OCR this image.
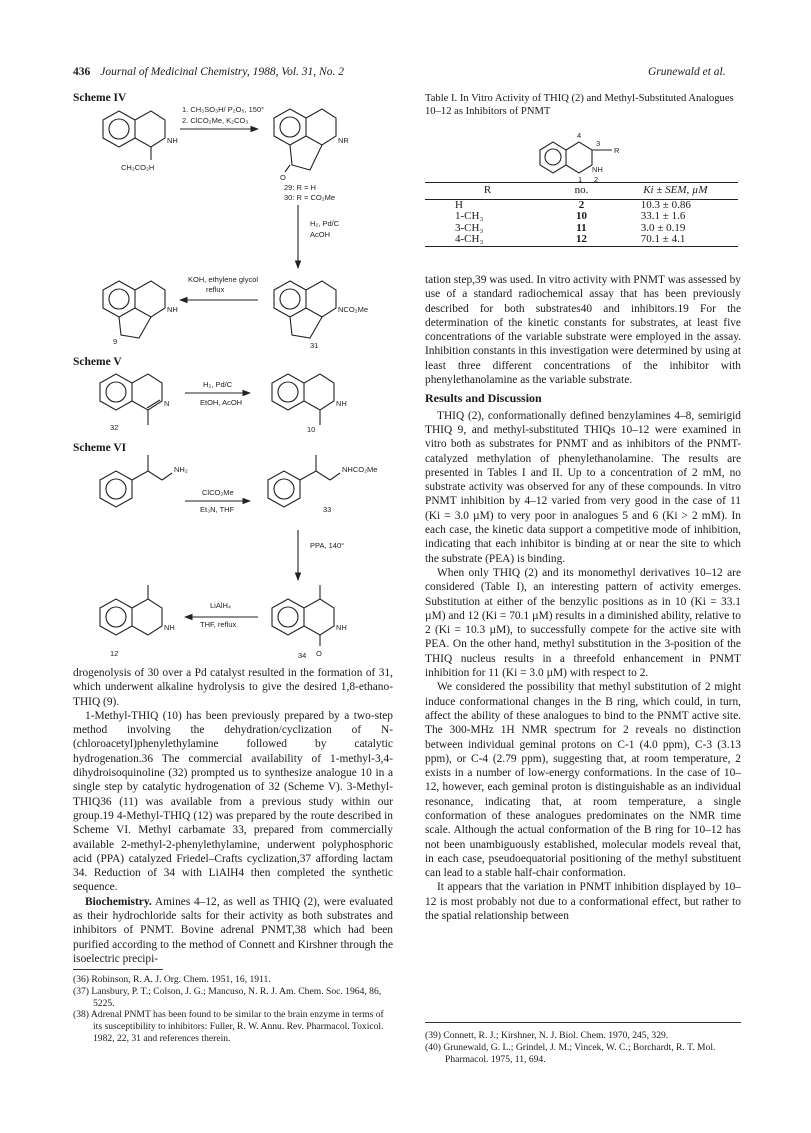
436 Journal of Medicinal Chemistry, 1988, Vol. 31, No. 2	Grunewald et al.
Scheme IV
Scheme V
Scheme VI
1. CH₃SO₃H/ P₂O₅, 150°
2. ClCO₂Me, K₂CO₃
NH
CH₂CO₂H
NR
O
29: R = H
30: R = CO₂Me
H₂, Pd/C
AcOH
KOH, ethylene glycol
reflux
NCO₂Me
NH
9	31
H₂, Pd/C
EtOH, AcOH
N	NH
32	10
NH₂
ClCO₂Me
Et₃N, THF
NHCO₂Me
33
PPA, 140°
LiAlH₄
THF, reflux
NH	NH
12	34 O
4
3
R
NH
1 2
Table I. In Vitro Activity of THIQ (2) and Methyl-Substituted Analogues 10–12 as Inhibitors of PNMT
R	no.	Ki ± SEM, µM
H	2	10.3 ± 0.86
1-CH₃	10	33.1 ± 1.6
3-CH₃	11	3.0 ± 0.19
4-CH₃	12	70.1 ± 4.1

drogenolysis of 30 over a Pd catalyst resulted in the formation of 31, which underwent alkaline hydrolysis to give the desired 1,8-ethano-THIQ (9).

1-Methyl-THIQ (10) has been previously prepared by a two-step method involving the dehydration/cyclization of N-(chloroacetyl)phenylethylamine followed by catalytic hydrogenation.36 The commercial availability of 1-methyl-3,4-dihydroisoquinoline (32) prompted us to synthesize analogue 10 in a single step by catalytic hydrogenation of 32 (Scheme V). 3-Methyl-THIQ36 (11) was available from a previous study within our group.19 4-Methyl-THIQ (12) was prepared by the route described in Scheme VI. Methyl carbamate 33, prepared from commercially available 2-methyl-2-phenylethylamine, underwent polyphosphoric acid (PPA) catalyzed Friedel–Crafts cyclization,37 affording lactam 34. Reduction of 34 with LiAlH4 then completed the synthetic sequence.

Biochemistry. Amines 4–12, as well as THIQ (2), were evaluated as their hydrochloride salts for their activity as both substrates and inhibitors of PNMT. Bovine adrenal PNMT,38 which had been purified according to the method of Connett and Kirshner through the isoelectric precipi-

tation step,39 was used. In vitro activity with PNMT was assessed by use of a standard radiochemical assay that has been previously described for both substrates40 and inhibitors.19 For the determination of the kinetic constants for substrates, at least five concentrations of the variable substrate were employed in the assay. Inhibition constants in this investigation were determined by using at least three different concentrations of the inhibitor with phenylethanolamine as the variable substrate.

Results and Discussion

THIQ (2), conformationally defined benzylamines 4–8, semirigid THIQ 9, and methyl-substituted THIQs 10–12 were examined in vitro both as substrates for PNMT and as inhibitors of the PNMT-catalyzed methylation of phenylethanolamine. The results are presented in Tables I and II. Up to a concentration of 2 mM, no substrate activity was observed for any of these compounds. In vitro PNMT inhibition by 4–12 varied from very good in the case of 11 (Ki = 3.0 µM) to very poor in analogues 5 and 6 (Ki > 2 mM). In each case, the kinetic data support a competitive mode of inhibition, indicating that each inhibitor is binding at or near the site to which the substrate (PEA) is binding.

When only THIQ (2) and its monomethyl derivatives 10–12 are considered (Table I), an interesting pattern of activity emerges. Substitution at either of the benzylic positions as in 10 (Ki = 33.1 µM) and 12 (Ki = 70.1 µM) results in a diminished ability, relative to 2 (Ki = 10.3 µM), to successfully compete for the active site with PEA. On the other hand, methyl substitution in the 3-position of the THIQ nucleus results in a threefold enhancement in PNMT inhibition for 11 (Ki = 3.0 µM) with respect to 2.

We considered the possibility that methyl substitution of 2 might induce conformational changes in the B ring, which could, in turn, affect the ability of these analogues to bind to the PNMT active site. The 300-MHz 1H NMR spectrum for 2 reveals no distinction between individual geminal protons on C-1 (4.0 ppm), C-3 (3.13 ppm), or C-4 (2.79 ppm), suggesting that, at room temperature, 2 exists in a number of low-energy conformations. In the case of 10–12, however, each geminal proton is distinguishable as an individual resonance, indicating that, at room temperature, a single conformation of these analogues predominates on the NMR time scale. Although the actual conformation of the B ring for 10–12 has not been unambiguously established, molecular models reveal that, in each case, pseudoequatorial positioning of the methyl substituent can lead to a stable half-chair conformation.

It appears that the variation in PNMT inhibition displayed by 10–12 is most probably not due to a conformational effect, but rather to the spatial relationship between

(36) Robinson, R. A. J. Org. Chem. 1951, 16, 1911.
(37) Lansbury, P. T.; Colson, J. G.; Mancuso, N. R. J. Am. Chem. Soc. 1964, 86, 5225.
(38) Adrenal PNMT has been found to be similar to the brain enzyme in terms of its susceptibility to inhibitors: Fuller, R. W. Annu. Rev. Pharmacol. Toxicol. 1982, 22, 31 and references therein.	(39) Connett, R. J.; Kirshner, N. J. Biol. Chem. 1970, 245, 329.
(40) Grunewald, G. L.; Grindel, J. M.; Vincek, W. C.; Borchardt, R. T. Mol. Pharmacol. 1975, 11, 694.
